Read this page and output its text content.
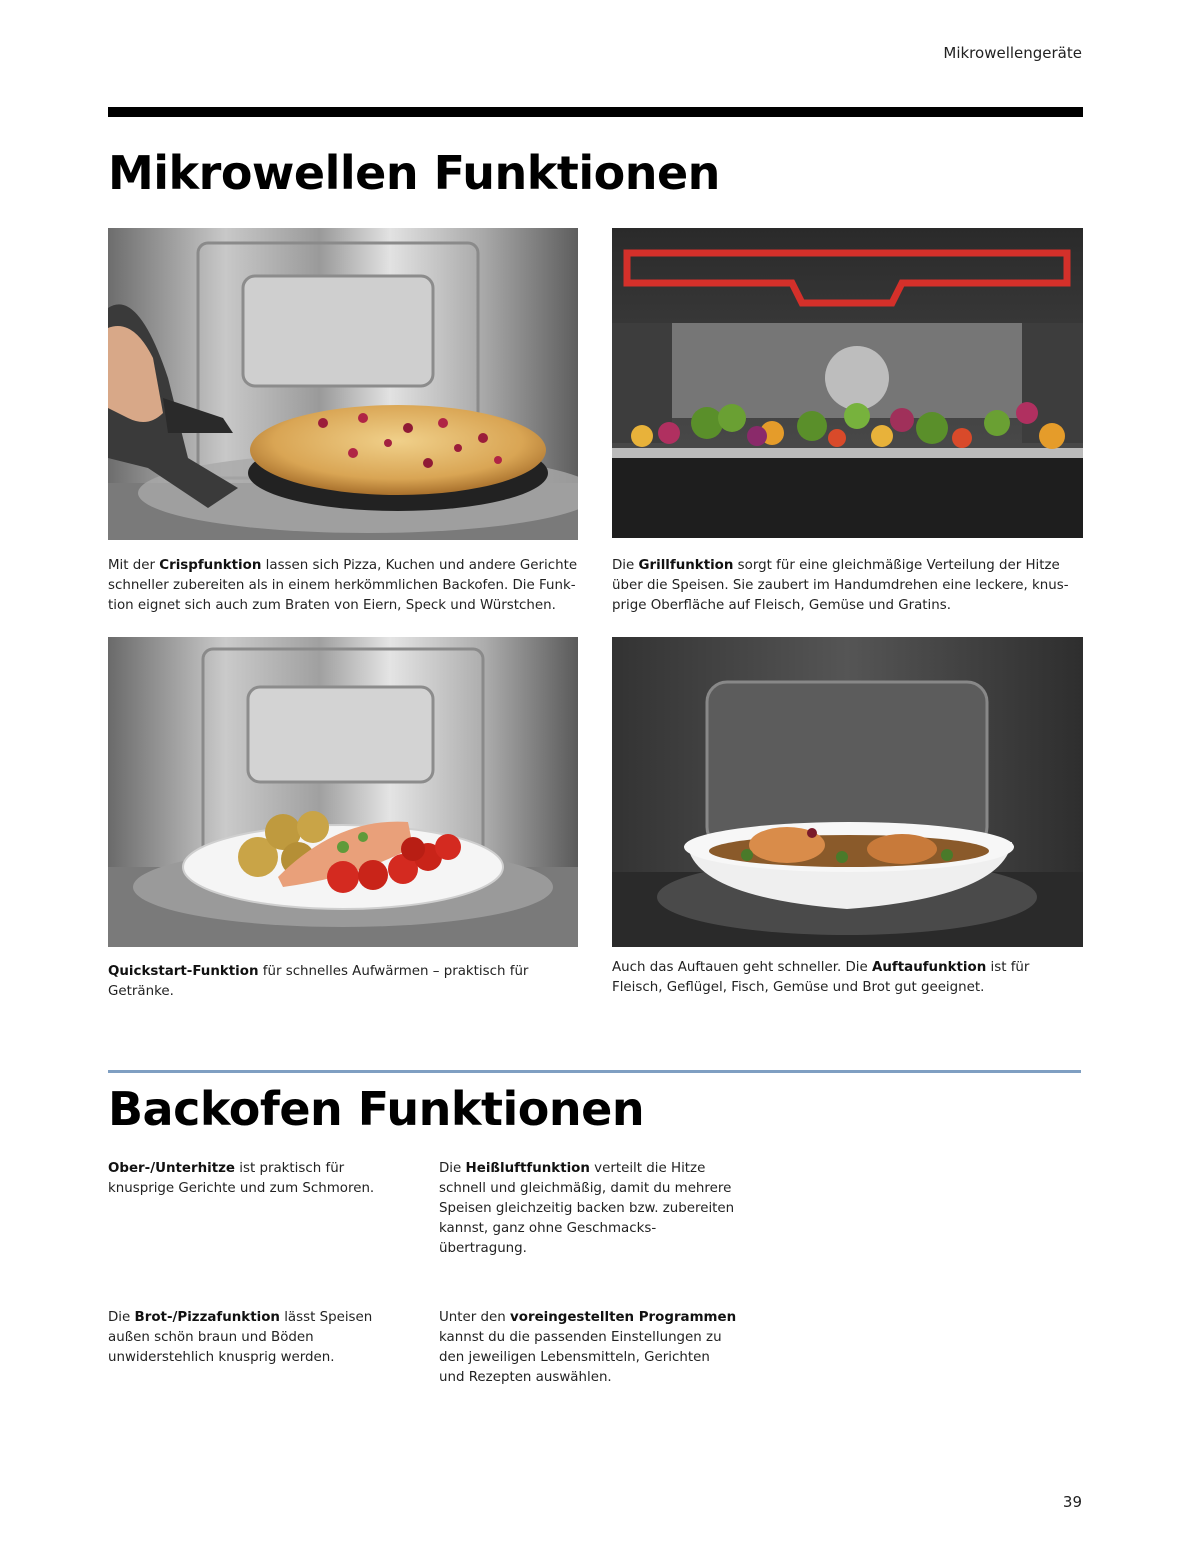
Mikrowellengeräte
Mikrowellen Funktionen
Mit der Crispfunktion lassen sich Pizza, Kuchen und andere Gerichte schneller zubereiten als in einem herkömmlichen Backofen. Die Funk-tion eignet sich auch zum Braten von Eiern, Speck und Würstchen.
Die Grillfunktion sorgt für eine gleichmäßige Verteilung der Hitze über die Speisen. Sie zaubert im Handumdrehen eine leckere, knus-prige Oberfläche auf Fleisch, Gemüse und Gratins.
Quickstart-Funktion für schnelles Aufwärmen – praktisch für Getränke.
Auch das Auftauen geht schneller. Die Auftaufunktion ist für Fleisch, Geflügel, Fisch, Gemüse und Brot gut geeignet.
Backofen Funktionen
Ober-/Unterhitze ist praktisch für knusprige Gerichte und zum Schmoren.
Die Heißluftfunktion verteilt die Hitze schnell und gleichmäßig, damit du mehrere Speisen gleichzeitig backen bzw. zubereiten kannst, ganz ohne Geschmacks-übertragung.
Die Brot-/Pizzafunktion lässt Speisen außen schön braun und Böden unwiderstehlich knusprig werden.
Unter den voreingestellten Programmen kannst du die passenden Einstellungen zu den jeweiligen Lebensmitteln, Gerichten und Rezepten auswählen.
39
